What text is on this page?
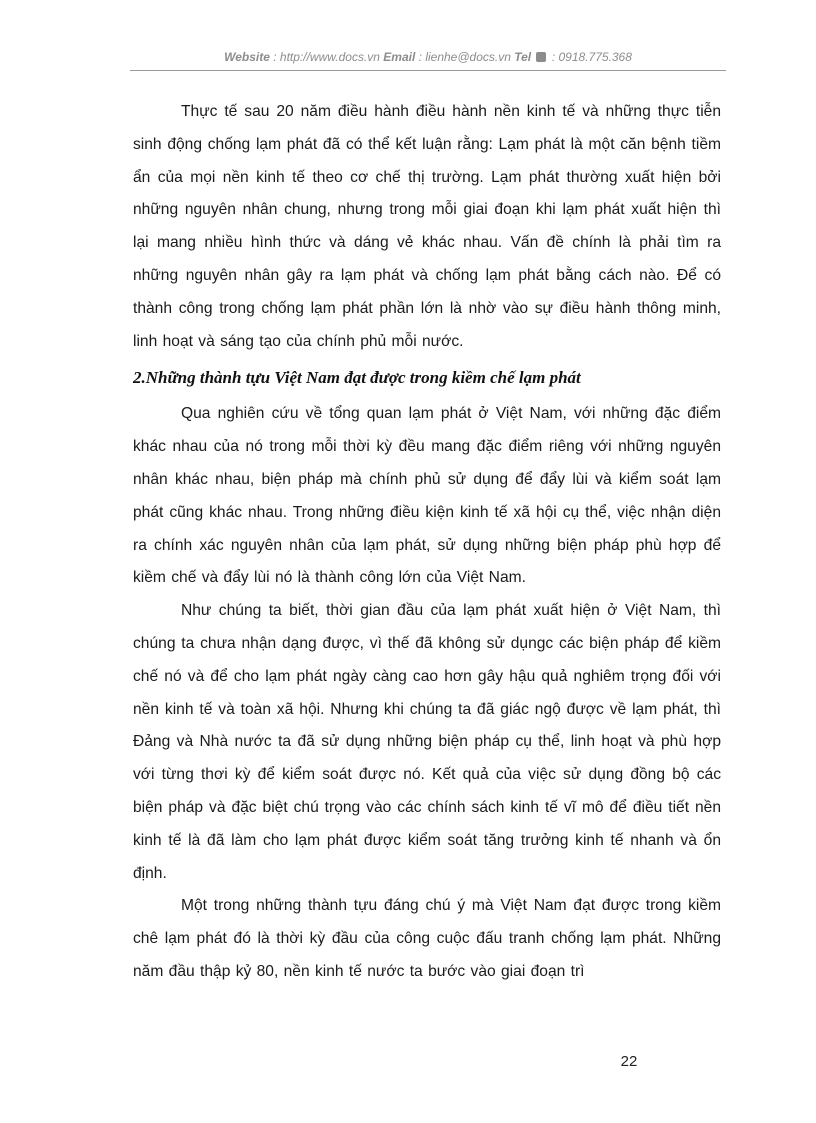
Website : http://www.docs.vn Email : lienhe@docs.vn Tel : 0918.775.368

Thực tế sau 20 năm điều hành điều hành nền kinh tế và những thực tiễn sinh động chống lạm phát đã có thể kết luận rằng: Lạm phát là một căn bệnh tiềm ẩn của mọi nền kinh tế theo cơ chế thị trường. Lạm phát thường xuất hiện bởi những nguyên nhân chung, nhưng trong mỗi giai đoạn khi lạm phát xuất hiện thì lại mang nhiều hình thức và dáng vẻ khác nhau. Vấn đề chính là phải tìm ra những nguyên nhân gây ra lạm phát và chống lạm phát bằng cách nào. Để có thành công trong chống lạm phát phần lớn là nhờ vào sự điều hành thông minh, linh hoạt và sáng tạo của chính phủ mỗi nước.

2.Những thành tựu Việt Nam đạt được trong kiềm chế lạm phát

Qua nghiên cứu về tổng quan lạm phát ở Việt Nam, với những đặc điểm khác nhau của nó trong mỗi thời kỳ đều mang đặc điểm riêng với những nguyên nhân khác nhau, biện pháp mà chính phủ sử dụng để đẩy lùi và kiểm soát lạm phát cũng khác nhau. Trong những điều kiện kinh tế xã hội cụ thể, việc nhận diện ra chính xác nguyên nhân của lạm phát, sử dụng những biện pháp phù hợp để kiềm chế và đẩy lùi nó là thành công lớn của Việt Nam.

Như chúng ta biết, thời gian đầu của lạm phát xuất hiện ở Việt Nam, thì chúng ta chưa nhận dạng được, vì thế đã không sử dụngc các biện pháp để kiềm chế nó và để cho lạm phát ngày càng cao hơn gây hậu quả nghiêm trọng đối với nền kinh tế và toàn xã hội. Nhưng khi chúng ta đã giác ngộ được về lạm phát, thì Đảng và Nhà nước ta đã sử dụng những biện pháp cụ thể, linh hoạt và phù hợp với từng thơi kỳ để kiểm soát được nó. Kết quả của việc sử dụng đồng bộ các biện pháp và đặc biệt chú trọng vào các chính sách kinh tế vĩ mô để điều tiết nền kinh tế là đã làm cho lạm phát được kiểm soát tăng trưởng kinh tế nhanh và ổn định.

Một trong những thành tựu đáng chú ý mà Việt Nam đạt được trong kiềm chê lạm phát đó là thời kỳ đầu của công cuộc đấu tranh chống lạm phát. Những năm đầu thập kỷ 80, nền kinh tế nước ta bước vào giai đoạn trì

22
